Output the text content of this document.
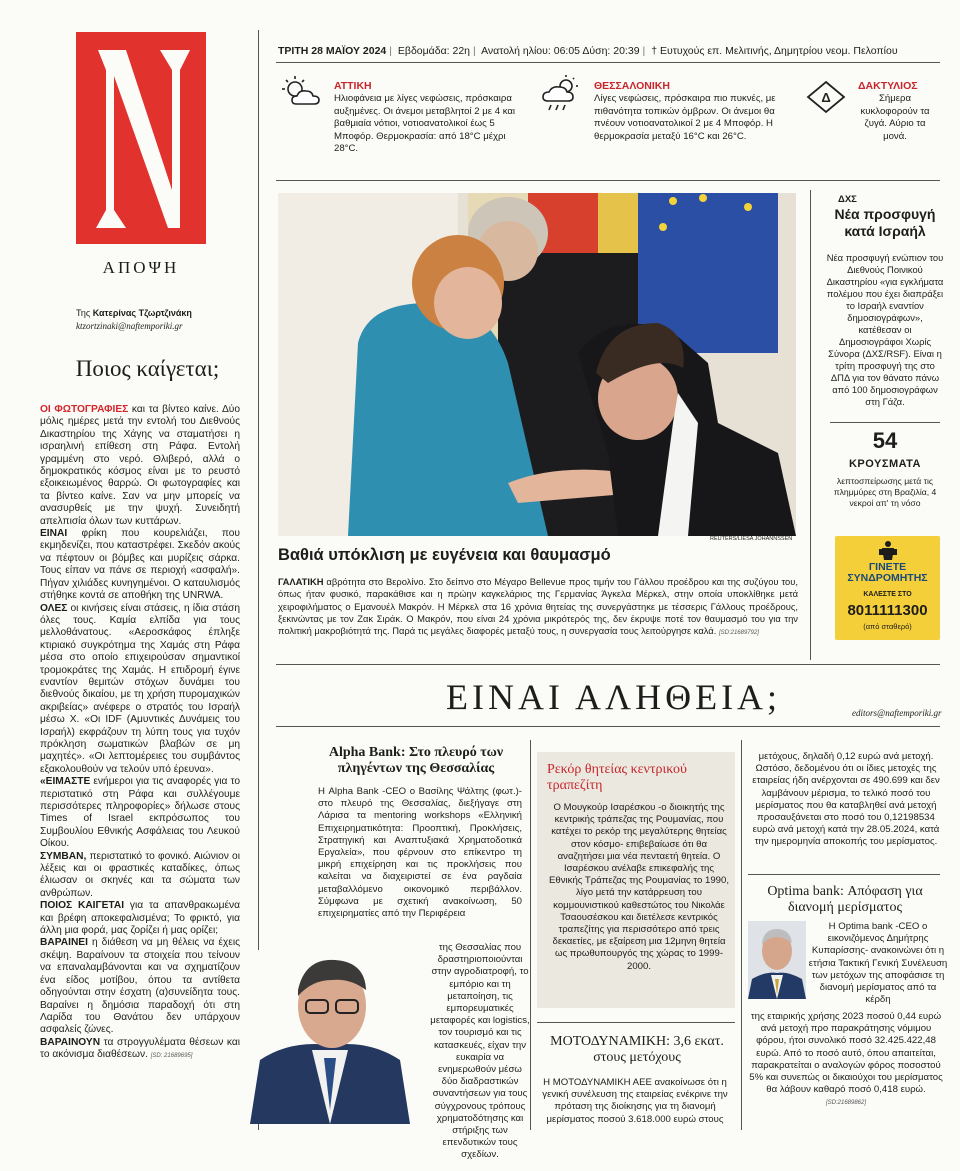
ΑΠΟΨΗ
Της Κατερίνας Τζωρτζινάκη
ktzortzinaki@naftemporiki.gr
Ποιος καίγεται;

ΟΙ ΦΩΤΟΓΡΑΦΙΕΣ και τα βίντεο καίνε. Δύο μόλις ημέρες μετά την εντολή του Διεθνούς Δικαστηρίου της Χάγης να σταματήσει η ισραηλινή επίθεση στη Ράφα. Εντολή γραμμένη στο νερό. Θλιβερό, αλλά ο δημοκρατικός κόσμος είναι με το ρευστό εξοικειωμένος θαρρώ. Οι φωτογραφίες και τα βίντεο καίνε. Σαν να μην μπορείς να ανασυρθείς με την ψυχή. Συνειδητή απελπισία όλων των κυττάρων.

ΕΙΝΑΙ φρίκη που κουρελιάζει, που εκμηδενίζει, που καταστρέφει. Σκεδόν ακούς να πέφτουν οι βόμβες και μυρίζεις σάρκα. Τους είπαν να πάνε σε περιοχή «ασφαλή». Πήγαν χιλιάδες κυνηγημένοι. Ο καταυλισμός στήθηκε κοντά σε αποθήκη της UNRWA.

ΟΛΕΣ οι κινήσεις είναι στάσεις, η ίδια στάση όλες τους. Καμία ελπίδα για τους μελλοθάνατους. «Αεροσκάφος έπληξε κτιριακό συγκρότημα της Χαμάς στη Ράφα μέσα στο οποίο επιχειρούσαν σημαντικοί τρομοκράτες της Χαμάς. Η επιδρομή έγινε εναντίον θεμιτών στόχων δυνάμει του διεθνούς δικαίου, με τη χρήση πυρομαχικών ακριβείας» ανέφερε ο στρατός του Ισραήλ μέσω Χ. «Οι IDF (Αμυντικές Δυνάμεις του Ισραήλ) εκφράζουν τη λύπη τους για τυχόν πρόκληση σωματικών βλαβών σε μη μαχητές». «Οι λεπτομέρειες του συμβάντος εξακολουθούν να τελούν υπό έρευνα».

«ΕΙΜΑΣΤΕ ενήμεροι για τις αναφορές για το περιστατικό στη Ράφα και συλλέγουμε περισσότερες πληροφορίες» δήλωσε στους Times of Israel εκπρόσωπος του Συμβουλίου Εθνικής Ασφάλειας του Λευκού Οίκου.

ΣΥΜΒΑΝ, περιστατικό το φονικό. Αιώνιον οι λέξεις και οι φραστικές καταδίκες, όπως έλιωσαν οι σκηνές και τα σώματα των ανθρώπων.

ΠΟΙΟΣ ΚΑΙΓΕΤΑΙ για τα απανθρακωμένα και βρέφη αποκεφαλισμένα; Το φρικτό, για άλλη μια φορά, μας ζορίζει ή μας ορίζει;

ΒΑΡΑΙΝΕΙ η διάθεση να μη θέλεις να έχεις σκέψη. Βαραίνουν τα στοιχεία που τείνουν να επαναλαμβάνονται και να σχηματίζουν ένα είδος μοτίβου, όπου τα αντίθετα οδηγούνται στην έσχατη (α)συνείδητα τους. Βαραίνει η δημόσια παραδοχή ότι στη Λαρίδα του Θανάτου δεν υπάρχουν ασφαλείς ζώνες.

ΒΑΡΑΙΝΟΥΝ τα στρογγυλέματα θέσεων και το ακόνισμα διαθέσεων. [SD: 21689695]

ΤΡΙΤΗ 28 ΜΑΪΟΥ 2024 | Εβδομάδα: 22η | Ανατολή ηλίου: 06:05 Δύση: 20:39 | † Ευτυχούς επ. Μελιτινής, Δημητρίου νεομ. Πελοπίου
ΑΤΤΙΚΗ
Ηλιοφάνεια με λίγες νεφώσεις, πρόσκαιρα αυξημένες. Οι άνεμοι μεταβλητοί 2 με 4 και βαθμιαία νότιοι, νοτιοανατολικοί έως 5 Μποφόρ. Θερμοκρασία: από 18°C μέχρι 28°C.
ΘΕΣΣΑΛΟΝΙΚΗ
Λίγες νεφώσεις, πρόσκαιρα πιο πυκνές, με πιθανότητα τοπικών όμβρων. Οι άνεμοι θα πνέουν νοτιοανατολικοί 2 με 4 Μποφόρ. Η θερμοκρασία μεταξύ 16°C και 26°C.
Δ
ΔΑΚΤΥΛΙΟΣ
Σήμερα κυκλοφορούν τα ζυγά. Αύριο τα μονά.
REUTERS/LIESA JOHANNSSEN
Βαθιά υπόκλιση με ευγένεια και θαυμασμό
ΓΑΛΑΤΙΚΗ αβρότητα στο Βερολίνο. Στο δείπνο στο Μέγαρο Bellevue προς τιμήν του Γάλλου προέδρου και της συζύγου του, όπως ήταν φυσικό, παρακάθισε και η πρώην καγκελάριος της Γερμανίας Άγκελα Μέρκελ, στην οποία υποκλίθηκε μετά χειροφιλήματος ο Εμανουέλ Μακρόν. Η Μέρκελ στα 16 χρόνια θητείας της συνεργάστηκε με τέσσερις Γάλλους προέδρους, ξεκινώντας με τον Ζακ Σιράκ. Ο Μακρόν, που είναι 24 χρόνια μικρότερός της, δεν έκρυψε ποτέ τον θαυμασμό του για την πολιτική μακροβιότητά της. Παρά τις μεγάλες διαφορές μεταξύ τους, η συνεργασία τους λειτούργησε καλά. [SD:21689792]
ΔΧΣ
Νέα προσφυγή κατά Ισραήλ
Νέα προσφυγή ενώπιον του Διεθνούς Ποινικού Δικαστηρίου «για εγκλήματα πολέμου που έχει διαπράξει το Ισραήλ εναντίον δημοσιογράφων», κατέθεσαν οι Δημοσιογράφοι Χωρίς Σύνορα (ΔΧΣ/RSF). Είναι η τρίτη προσφυγή της στο ΔΠΔ για τον θάνατο πάνω από 100 δημοσιογράφων στη Γάζα.
54
ΚΡΟΥΣΜΑΤΑ
λεπτοσπείρωσης μετά τις πλημμύρες στη Βραζιλία, 4 νεκροί απ' τη νόσο
ΓΙΝΕΤΕ
ΣΥΝΔΡΟΜΗΤΗΣ
ΚΑΛΕΣΤΕ ΣΤΟ
8011111300
(από σταθερό)
ΕΙΝΑΙ ΑΛΗΘΕΙΑ;	editors@naftemporiki.gr
Alpha Bank: Στο πλευρό των πληγέντων της Θεσσαλίας
Η Alpha Bank -CEO ο Βασίλης Ψάλτης (φωτ.)- στο πλευρό της Θεσσαλίας, διεξήγαγε στη Λάρισα τα mentoring workshops «Ελληνική Επιχειρηματικότητα: Προοπτική, Προκλήσεις, Στρατηγική και Αναπτυξιακά Χρηματοδοτικά Εργαλεία», που φέρνουν στο επίκεντρο τη μικρή επιχείρηση και τις προκλήσεις που καλείται να διαχειριστεί σε ένα ραγδαία μεταβαλλόμενο οικονομικό περιβάλλον. Σύμφωνα με σχετική ανακοίνωση, 50 επιχειρηματίες από την Περιφέρεια
της Θεσσαλίας που δραστηριοποιούνται στην αγροδιατροφή, το εμπόριο και τη μεταποίηση, τις εμπορευματικές μεταφορές και logistics, τον τουρισμό και τις κατασκευές, είχαν την ευκαιρία να ενημερωθούν μέσω δύο διαδραστικών συναντήσεων για τους σύγχρονους τρόπους χρηματοδότησης και στήριξης των επενδυτικών τους σχεδίων.
Ρεκόρ θητείας κεντρικού τραπεζίτη
Ο Μουγκούρ Ισαρέσκου -ο διοικητής της κεντρικής τράπεζας της Ρουμανίας, που κατέχει το ρεκόρ της μεγαλύτερης θητείας στον κόσμο- επιβεβαίωσε ότι θα αναζητήσει μια νέα πενταετή θητεία. Ο Ισαρέσκου ανέλαβε επικεφαλής της Εθνικής Τράπεζας της Ρουμανίας το 1990, λίγο μετά την κατάρρευση του κομμουνιστικού καθεστώτος του Νικολάε Τσαουσέσκου και διετέλεσε κεντρικός τραπεζίτης για περισσότερο από τρεις δεκαετίες, με εξαίρεση μια 12μηνη θητεία ως πρωθυπουργός της χώρας το 1999-2000.
ΜΟΤΟΔΥΝΑΜΙΚΗ: 3,6 εκατ. στους μετόχους
Η ΜΟΤΟΔΥΝΑΜΙΚΗ ΑΕΕ ανακοίνωσε ότι η γενική συνέλευση της εταιρείας ενέκρινε την πρόταση της διοίκησης για τη διανομή μερίσματος ποσού 3.618.000 ευρώ στους
μετόχους, δηλαδή 0,12 ευρώ ανά μετοχή. Ωστόσο, δεδομένου ότι οι ίδιες μετοχές της εταιρείας ήδη ανέρχονται σε 490.699 και δεν λαμβάνουν μέρισμα, το τελικό ποσό του μερίσματος που θα καταβληθεί ανά μετοχή προσαυξάνεται στο ποσό του 0,12198534 ευρώ ανά μετοχή κατά την 28.05.2024, κατά την ημερομηνία αποκοπής του μερίσματος.
Optima bank: Απόφαση για διανομή μερίσματος
Η Optima bank -CEO ο εικονιζόμενος Δημήτρης Κυπαρίσσης- ανακοινώνει ότι η ετήσια Τακτική Γενική Συνέλευση των μετόχων της αποφάσισε τη διανομή μερίσματος από τα κέρδη
της εταιρικής χρήσης 2023 ποσού 0,44 ευρώ ανά μετοχή προ παρακράτησης νόμιμου φόρου, ήτοι συνολικό ποσό 32.425.422,48 ευρώ. Από το ποσό αυτό, όπου απαιτείται, παρακρατείται ο αναλογών φόρος ποσοστού 5% και συνεπώς οι δικαιούχοι του μερίσματος θα λάβουν καθαρό ποσό 0,418 ευρώ. [SD:21689862]
